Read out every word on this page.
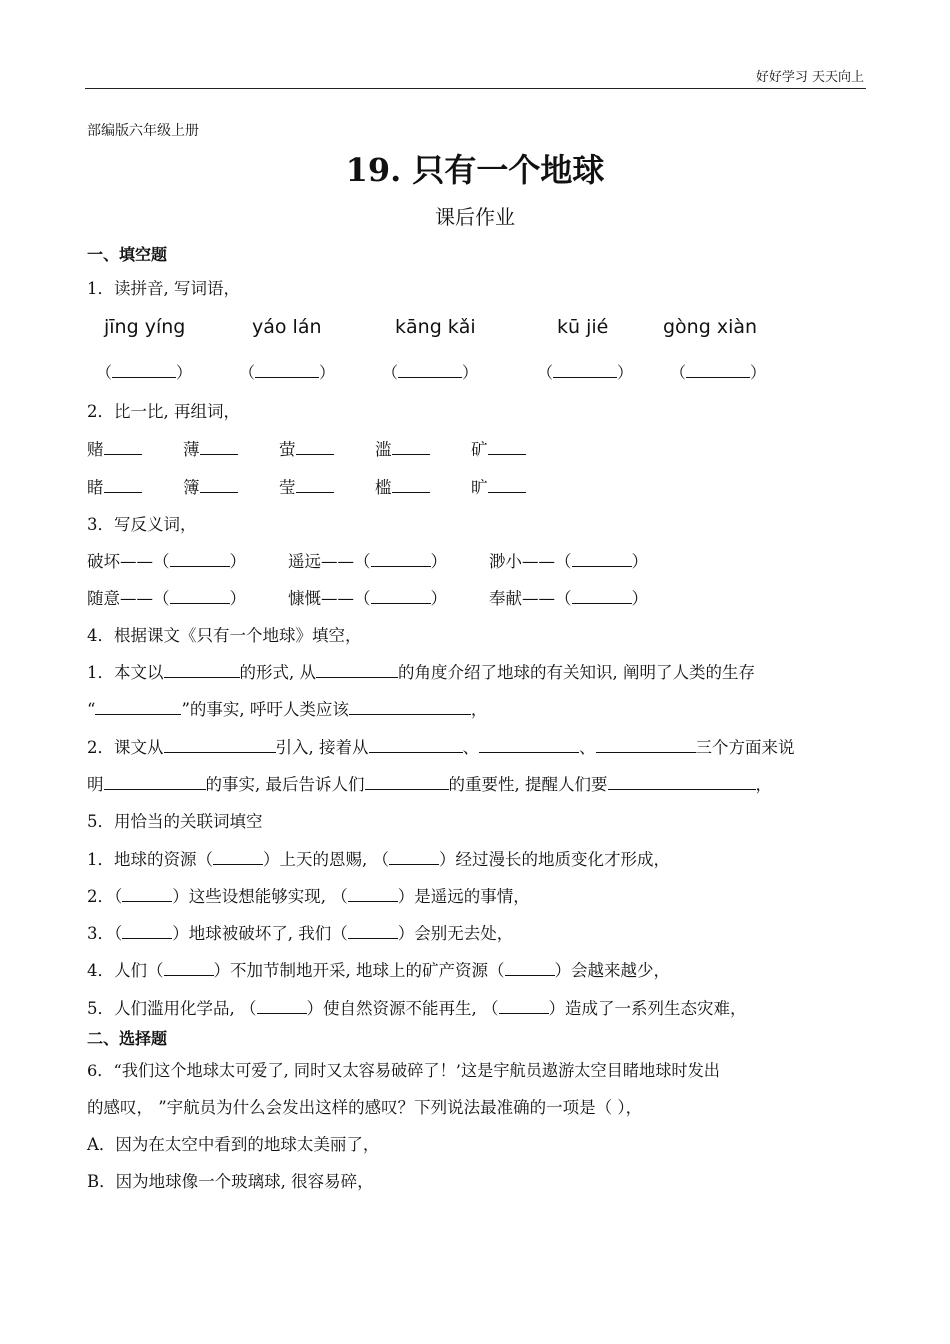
好好学习 天天向上
部编版六年级上册
19. 只有一个地球
课后作业
一、填空题
1．读拼音, 写词语，
jīng yíng	yáo lán	kāng kǎi	kū jié	gòng xiàn
（	）	（	）	（	）	（	） （	）
2．比一比, 再组词，
赌	薄	萤	滥	矿
睹	簿	莹	槛	旷
3．写反义词，
破坏——（	）	遥远——（	）	渺小——（	）
随意——（	）	慷慨——（	）	奉献——（	）
4．根据课文《只有一个地球》填空，
1．本文以	的形式, 从	的角度介绍了地球的有关知识, 阐明了人类的生存
“	”的事实, 呼吁人类应该	，
2．课文从	引入, 接着从	、	、	三个方面来说
明	的事实, 最后告诉人们	的重要性, 提醒人们要	，
5．用恰当的关联词填空
1．地球的资源（	）上天的恩赐, （	）经过漫长的地质变化才形成，
2．（	）这些设想能够实现, （	）是遥远的事情，
3．（	）地球被破坏了, 我们（	）会别无去处，
4．人们（	）不加节制地开采, 地球上的矿产资源（	）会越来越少，
5．人们滥用化学品, （	）使自然资源不能再生, （	）造成了一系列生态灾难，
二、选择题
6．“我们这个地球太可爱了, 同时又太容易破碎了！’这是宇航员遨游太空目睹地球时发出
的感叹， ”宇航员为什么会发出这样的感叹？下列说法最准确的一项是（ ），
A．因为在太空中看到的地球太美丽了，
B．因为地球像一个玻璃球, 很容易碎，
